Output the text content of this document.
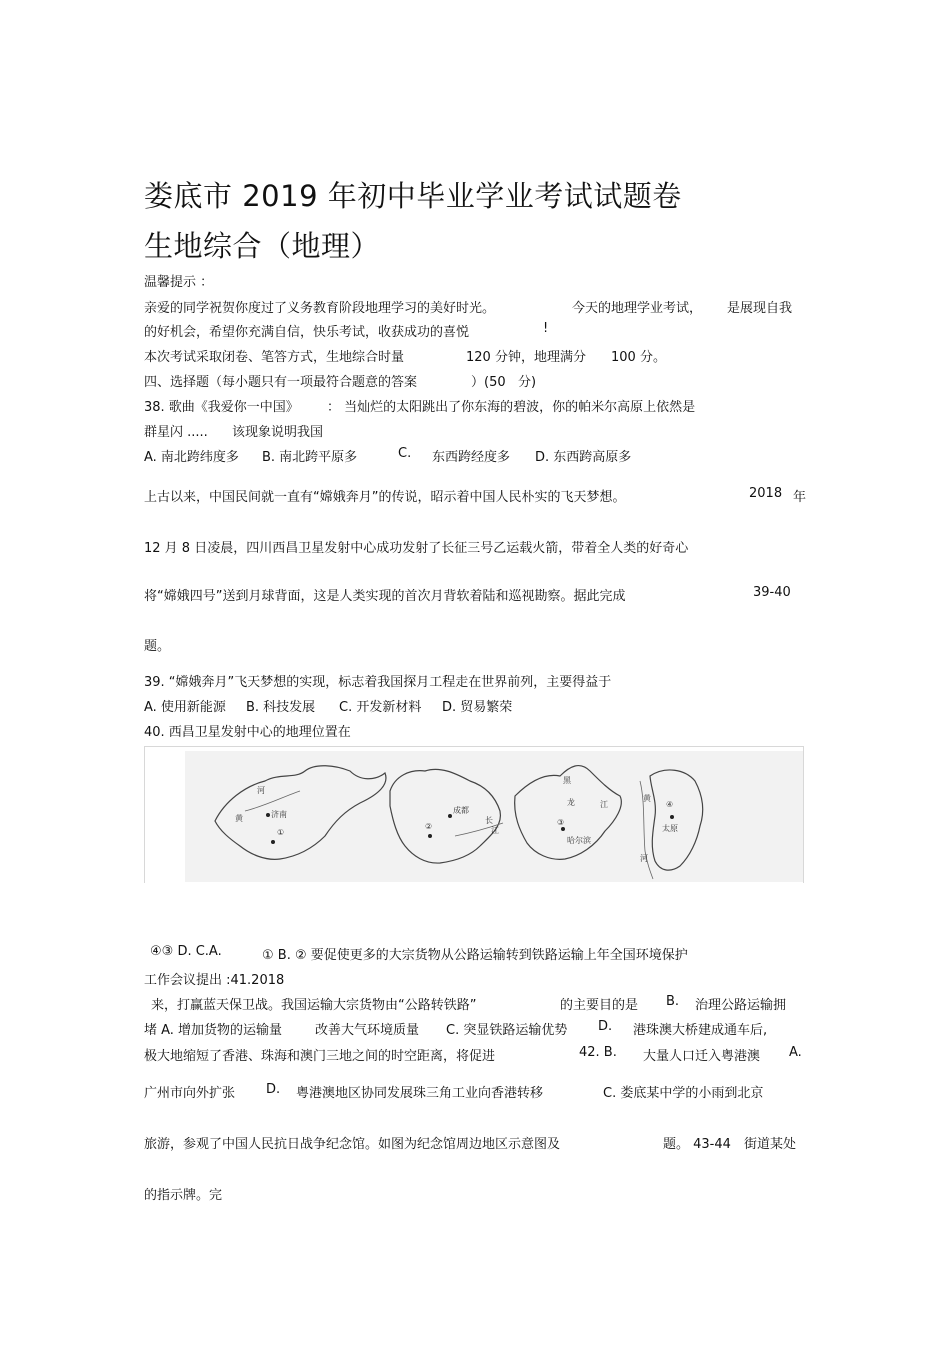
娄底市 2019 年初中毕业学业考试试题卷
生地综合（地理）
温馨提示 ：
亲爱的同学祝贺你度过了义务教育阶段地理学习的美好时光。	今天的地理学业考试， 是展现自我
的好机会，希望你充满自信，快乐考试，收获成功的喜悦	!
本次考试采取闭卷、笔答方式，生地综合时量	120 分钟，地理满分 100 分。
四、选择题（每小题只有一项最符合题意的答案	）(50 分)
38. 歌曲《我爱你一中国》 ： 当灿烂的太阳跳出了你东海的碧波，你的帕米尔高原上依然是
群星闪 ..... 该现象说明我国
A. 南北跨纬度多 B. 南北跨平原多	C. 东西跨经度多 D. 东西跨高原多
上古以来，中国民间就一直有“嫦娥奔月”的传说，昭示着中国人民朴实的飞天梦想。	2018 年
12 月 8 日凌晨，四川西昌卫星发射中心成功发射了长征三号乙运载火箭，带着全人类的好奇心
将“嫦娥四号”送到月球背面，这是人类实现的首次月背软着陆和巡视勘察。据此完成	39-40
题。
39. “嫦娥奔月”飞天梦想的实现，标志着我国探月工程走在世界前列，主要得益于
A. 使用新能源 B. 科技发展 C. 开发新材料 D. 贸易繁荣
40. 西昌卫星发射中心的地理位置在
河
黄	济南
①
成都
②
长
江
③
黑
龙	江
哈尔滨
黄
河
④
太原
④③ D. C.A.	① B. ② 要促使更多的大宗货物从公路运输转到铁路运输上年全国环境保护
工作会议提出 :41.2018
来，打赢蓝天保卫战。我国运输大宗货物由“公路转铁路”	的主要目的是 B. 治理公路运输拥
堵 A. 增加货物的运输量	改善大气环境质量 C. 突显铁路运输优势 D. 港珠澳大桥建成通车后,
极大地缩短了香港、珠海和澳门三地之间的时空距离，将促进	42. B. 大量人口迁入粤港澳 A.
广州市向外扩张 D. 粤港澳地区协同发展珠三角工业向香港转移	C. 娄底某中学的小雨到北京
旅游，参观了中国人民抗日战争纪念馆。如图为纪念馆周边地区示意图及	题。 43-44 街道某处
的指示牌。完
